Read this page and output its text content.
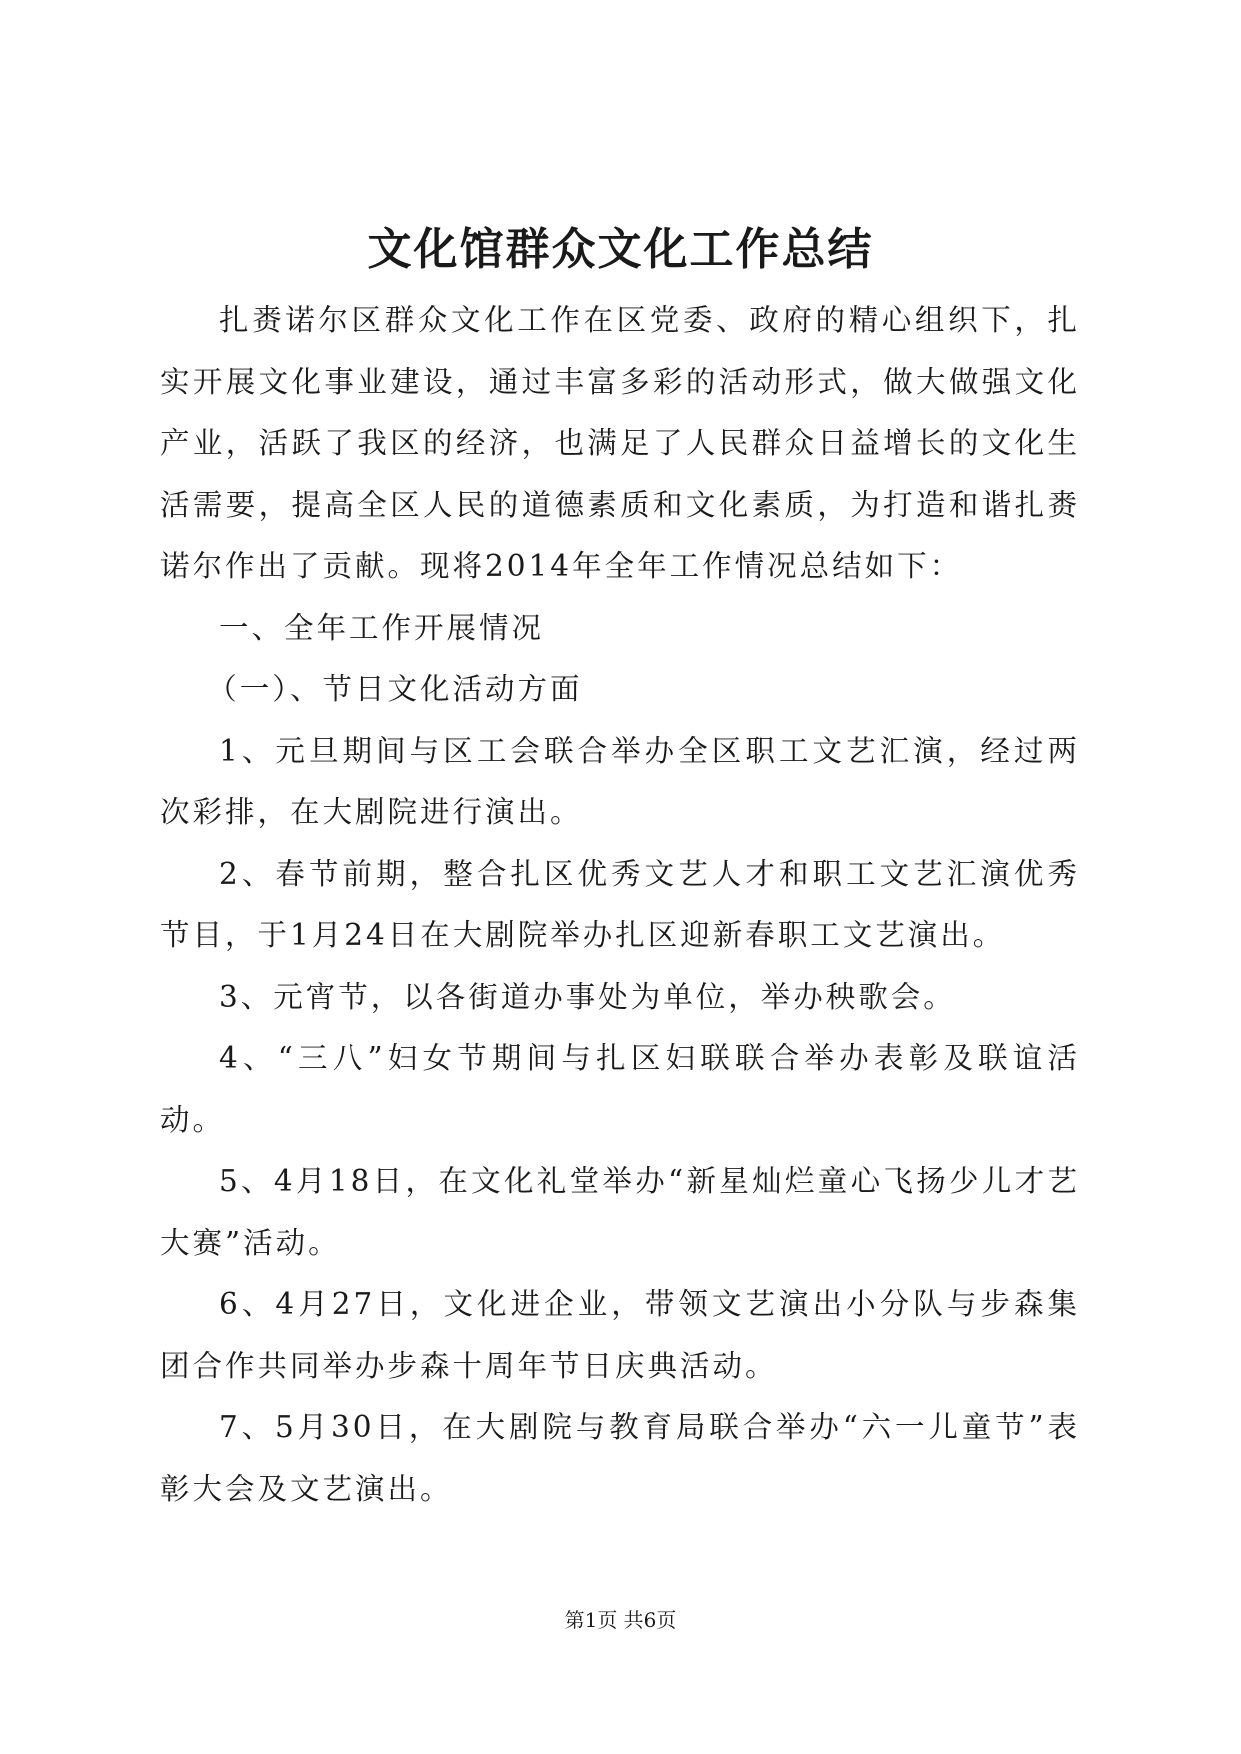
文化馆群众文化工作总结

扎赉诺尔区群众文化工作在区党委、政府的精心组织下，扎实开展文化事业建设，通过丰富多彩的活动形式，做大做强文化产业，活跃了我区的经济，也满足了人民群众日益增长的文化生活需要，提高全区人民的道德素质和文化素质，为打造和谐扎赉诺尔作出了贡献。现将2014年全年工作情况总结如下：

一、全年工作开展情况

（一）、节日文化活动方面

1、元旦期间与区工会联合举办全区职工文艺汇演，经过两次彩排，在大剧院进行演出。

2、春节前期，整合扎区优秀文艺人才和职工文艺汇演优秀节目，于1月24日在大剧院举办扎区迎新春职工文艺演出。

3、元宵节，以各街道办事处为单位，举办秧歌会。

4、“三八”妇女节期间与扎区妇联联合举办表彰及联谊活动。

5、4月18日，在文化礼堂举办“新星灿烂童心飞扬少儿才艺大赛”活动。

6、4月27日，文化进企业，带领文艺演出小分队与步森集团合作共同举办步森十周年节日庆典活动。

7、5月30日，在大剧院与教育局联合举办“六一儿童节”表彰大会及文艺演出。

第1页 共6页
